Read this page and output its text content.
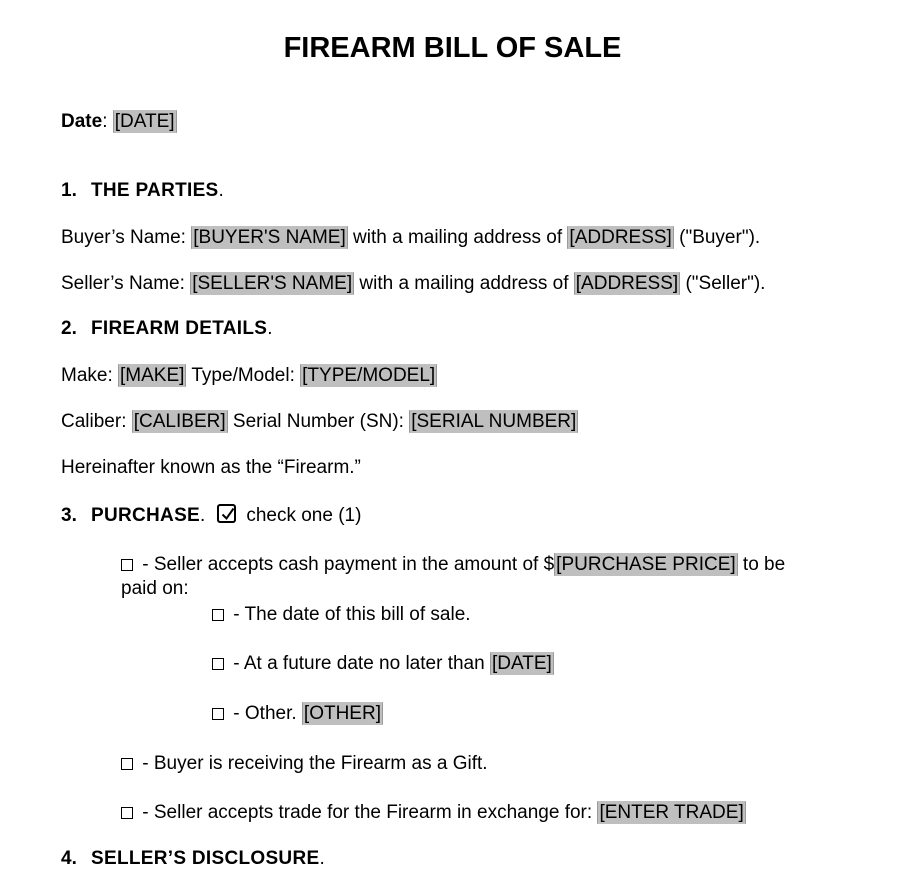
FIREARM BILL OF SALE
Date: [DATE]
1. THE PARTIES.
Buyer’s Name: [BUYER'S NAME] with a mailing address of [ADDRESS] ("Buyer").
Seller’s Name: [SELLER'S NAME] with a mailing address of [ADDRESS] ("Seller").
2. FIREARM DETAILS.
Make: [MAKE] Type/Model: [TYPE/MODEL]
Caliber: [CALIBER] Serial Number (SN): [SERIAL NUMBER]
Hereinafter known as the “Firearm.”
3. PURCHASE. check one (1)
- Seller accepts cash payment in the amount of $ [PURCHASE PRICE] to be
paid on:
- The date of this bill of sale.
- At a future date no later than [DATE]
- Other. [OTHER]
- Buyer is receiving the Firearm as a Gift.
- Seller accepts trade for the Firearm in exchange for: [ENTER TRADE]
4. SELLER’S DISCLOSURE.
